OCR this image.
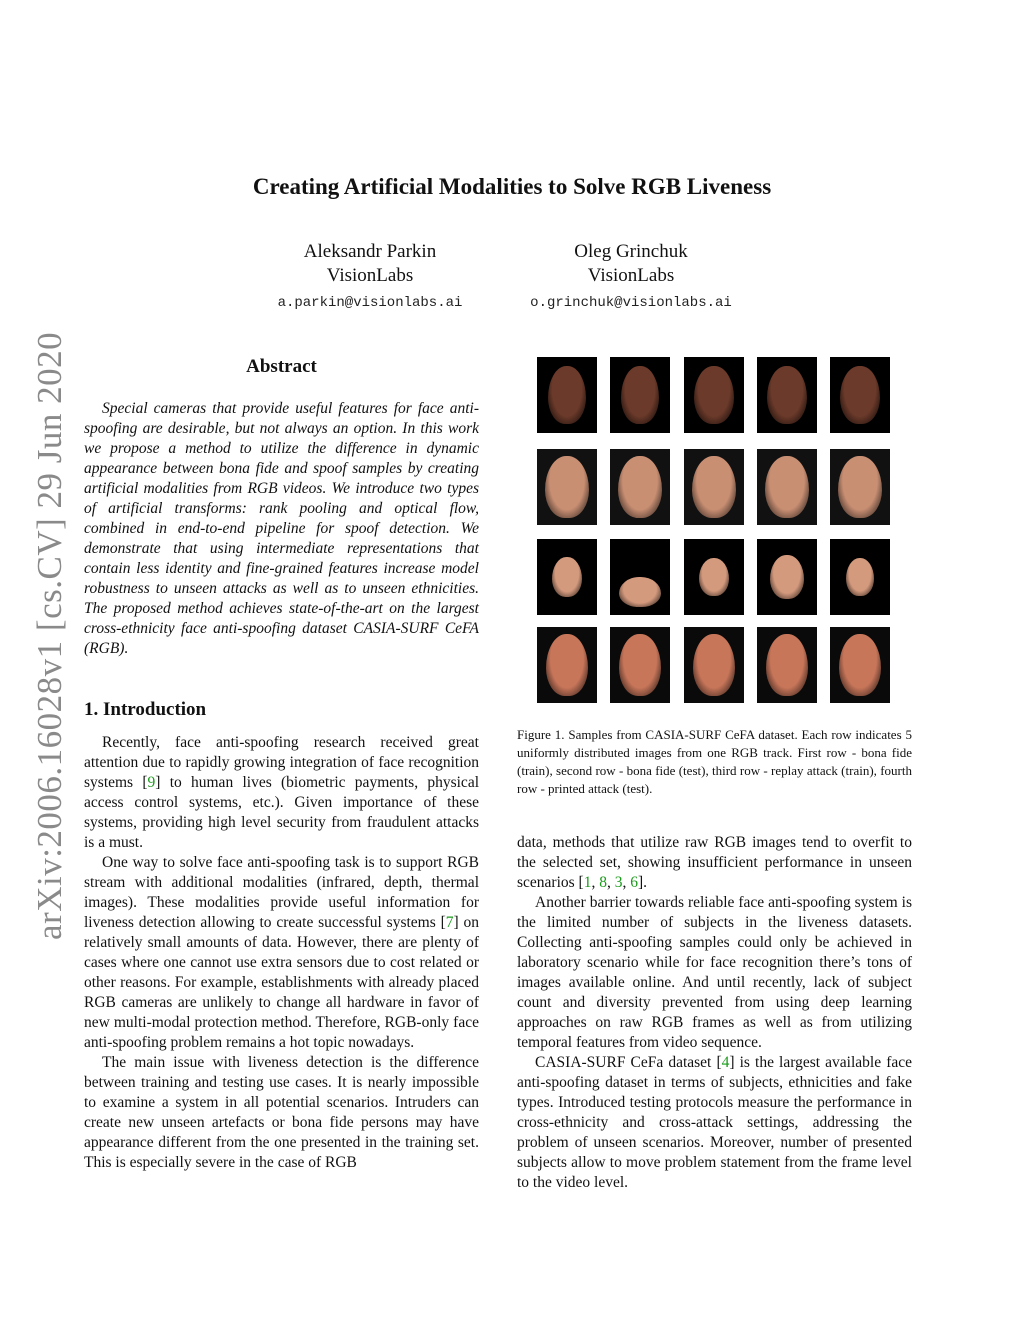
arXiv:2006.16028v1 [cs.CV] 29 Jun 2020
Creating Artificial Modalities to Solve RGB Liveness
Aleksandr Parkin
VisionLabs
a.parkin@visionlabs.ai
Oleg Grinchuk
VisionLabs
o.grinchuk@visionlabs.ai
Abstract

Special cameras that provide useful features for face anti-spoofing are desirable, but not always an option. In this work we propose a method to utilize the difference in dynamic appearance between bona fide and spoof samples by creating artificial modalities from RGB videos. We introduce two types of artificial transforms: rank pooling and optical flow, combined in end-to-end pipeline for spoof detection. We demonstrate that using intermediate representations that contain less identity and fine-grained features increase model robustness to unseen attacks as well as to unseen ethnicities. The proposed method achieves state-of-the-art on the largest cross-ethnicity face anti-spoofing dataset CASIA-SURF CeFA (RGB).

1. Introduction

Recently, face anti-spoofing research received great attention due to rapidly growing integration of face recognition systems [9] to human lives (biometric payments, physical access control systems, etc.). Given importance of these systems, providing high level security from fraudulent attacks is a must.

One way to solve face anti-spoofing task is to support RGB stream with additional modalities (infrared, depth, thermal images). These modalities provide useful information for liveness detection allowing to create successful systems [7] on relatively small amounts of data. However, there are plenty of cases where one cannot use extra sensors due to cost related or other reasons. For example, establishments with already placed RGB cameras are unlikely to change all hardware in favor of new multi-modal protection method. Therefore, RGB-only face anti-spoofing problem remains a hot topic nowadays.

The main issue with liveness detection is the difference between training and testing use cases. It is nearly impossible to examine a system in all potential scenarios. Intruders can create new unseen artefacts or bona fide persons may have appearance different from the one presented in the training set. This is especially severe in the case of RGB

Figure 1. Samples from CASIA-SURF CeFA dataset. Each row indicates 5 uniformly distributed images from one RGB track. First row - bona fide (train), second row - bona fide (test), third row - replay attack (train), fourth row - printed attack (test).

data, methods that utilize raw RGB images tend to overfit to the selected set, showing insufficient performance in unseen scenarios [1, 8, 3, 6].

Another barrier towards reliable face anti-spoofing system is the limited number of subjects in the liveness datasets. Collecting anti-spoofing samples could only be achieved in laboratory scenario while for face recognition there’s tons of images available online. And until recently, lack of subject count and diversity prevented from using deep learning approaches on raw RGB frames as well as from utilizing temporal features from video sequence.

CASIA-SURF CeFa dataset [4] is the largest available face anti-spoofing dataset in terms of subjects, ethnicities and fake types. Introduced testing protocols measure the performance in cross-ethnicity and cross-attack settings, addressing the problem of unseen scenarios. Moreover, number of presented subjects allow to move problem statement from the frame level to the video level.
